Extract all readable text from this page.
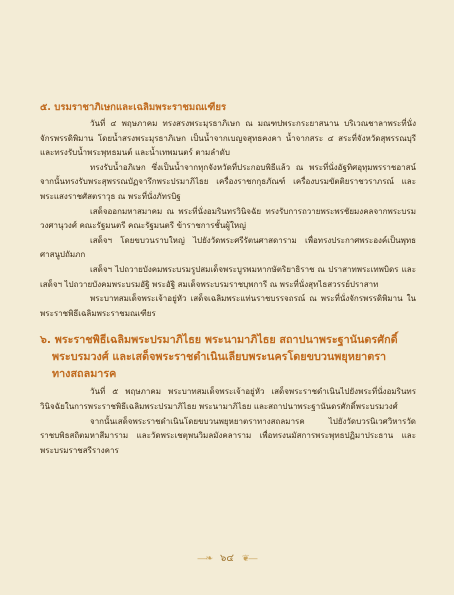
๕. บรมราชาภิเษกและเฉลิมพระราชมณเฑียร

วันที่ ๔ พฤษภาคม ทรงสรงพระมุรธาภิเษก ณ มณฑปพระกระยาสนาน บริเวณชาลาพระที่นั่งจักรพรรดิพิมาน โดยน้ำสรงพระมุรธาภิเษก เป็นน้ำจากเบญจสุทธคงคา น้ำจากสระ ๔ สระที่จังหวัดสุพรรณบุรี และทรงรับน้ำพระพุทธมนต์ และน้ำเทพมนตร์ ตามลำดับ

ทรงรับน้ำอภิเษก ซึ่งเป็นน้ำจากทุกจังหวัดที่ประกอบพิธีแล้ว ณ พระที่นั่งอัฐทิศอุทุมพรราชอาสน์ จากนั้นทรงรับพระสุพรรณบัฏจารึกพระปรมาภิไธย เครื่องราชกกุธภัณฑ์ เครื่องบรมขัตติยราชวราภรณ์ และพระแสงราชศัสตราวุธ ณ พระที่นั่งภัทรบิฐ

เสด็จออกมหาสมาคม ณ พระที่นั่งอมรินทรวินิจฉัย ทรงรับการถวายพระพรชัยมงคลจากพระบรมวงศานุวงศ์ คณะรัฐมนตรี คณะรัฐมนตรี ข้าราชการชั้นผู้ใหญ่

เสด็จฯ โดยขบวนราบใหญ่ ไปยังวัดพระศรีรัตนศาสดาราม เพื่อทรงประกาศพระองค์เป็นพุทธศาสนูปถัมภก

เสด็จฯ ไปถวายบังคมพระบรมรูปสมเด็จพระบูรพมหากษัตริยาธิราช ณ ปราสาทพระเทพบิดร และเสด็จฯ ไปถวายบังคมพระบรมอัฐิ พระอัฐิ สมเด็จพระบรมราชบุพการี ณ พระที่นั่งสุทไธสวรรย์ปราสาท

พระบาทสมเด็จพระเจ้าอยู่หัว เสด็จเฉลิมพระแท่นราชบรรจถรณ์ ณ พระที่นั่งจักรพรรดิพิมาน ในพระราชพิธีเฉลิมพระราชมณเฑียร

๖. พระราชพิธีเฉลิมพระปรมาภิไธย พระนามาภิไธย สถาปนาพระฐานันดรศักดิ์
พระบรมวงศ์ และเสด็จพระราชดำเนินเลียบพระนครโดยขบวนพยุหยาตรา
ทางสถลมารค

วันที่ ๕ พฤษภาคม พระบาทสมเด็จพระเจ้าอยู่หัว เสด็จพระราชดำเนินไปยังพระที่นั่งอมรินทรวินิจฉัยในการพระราชพิธีเฉลิมพระปรมาภิไธย พระนามาภิไธย และสถาปนาพระฐานันดรศักดิ์พระบรมวงศ์

จากนั้นเสด็จพระราชดำเนินโดยขบวนพยุหยาตราทางสถลมารค ไปยังวัดบวรนิเวศวิหารวัดราชบพิธสถิตมหาสีมาราม และวัดพระเชตุพนวิมลมังคลาราม เพื่อทรงนมัสการพระพุทธปฏิมาประธาน และพระบรมราชสรีรางคาร

―❧ ๖๔ ❦―
